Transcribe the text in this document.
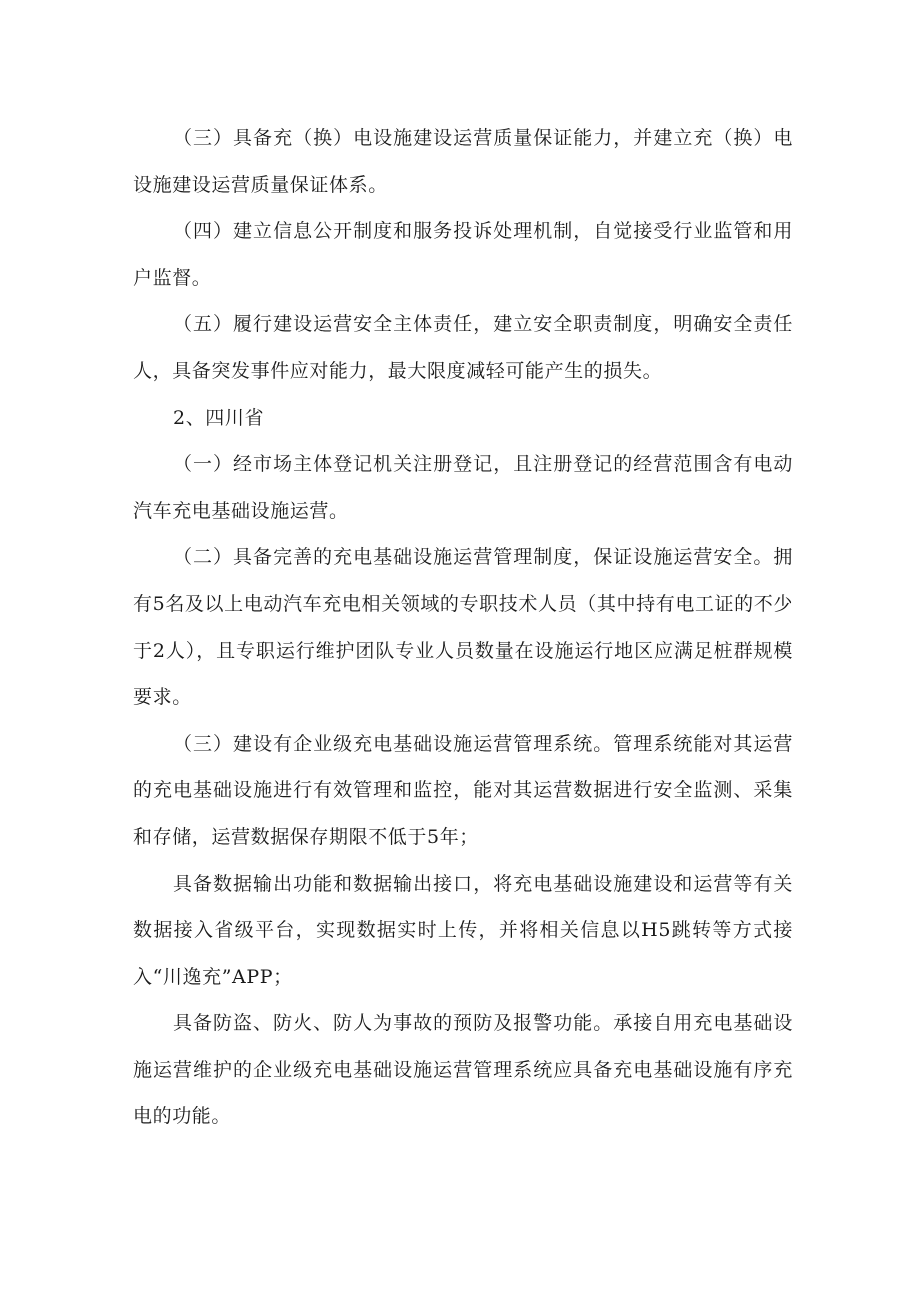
（三）具备充（换）电设施建设运营质量保证能力，并建立充（换）电设施建设运营质量保证体系。

（四）建立信息公开制度和服务投诉处理机制，自觉接受行业监管和用户监督。

（五）履行建设运营安全主体责任，建立安全职责制度，明确安全责任人，具备突发事件应对能力，最大限度减轻可能产生的损失。

2、四川省

（一）经市场主体登记机关注册登记，且注册登记的经营范围含有电动汽车充电基础设施运营。

（二）具备完善的充电基础设施运营管理制度，保证设施运营安全。拥有5名及以上电动汽车充电相关领域的专职技术人员（其中持有电工证的不少于2人），且专职运行维护团队专业人员数量在设施运行地区应满足桩群规模要求。

（三）建设有企业级充电基础设施运营管理系统。管理系统能对其运营的充电基础设施进行有效管理和监控，能对其运营数据进行安全监测、采集和存储，运营数据保存期限不低于5年；

具备数据输出功能和数据输出接口，将充电基础设施建设和运营等有关数据接入省级平台，实现数据实时上传，并将相关信息以H5跳转等方式接入“川逸充”APP；

具备防盗、防火、防人为事故的预防及报警功能。承接自用充电基础设施运营维护的企业级充电基础设施运营管理系统应具备充电基础设施有序充电的功能。
